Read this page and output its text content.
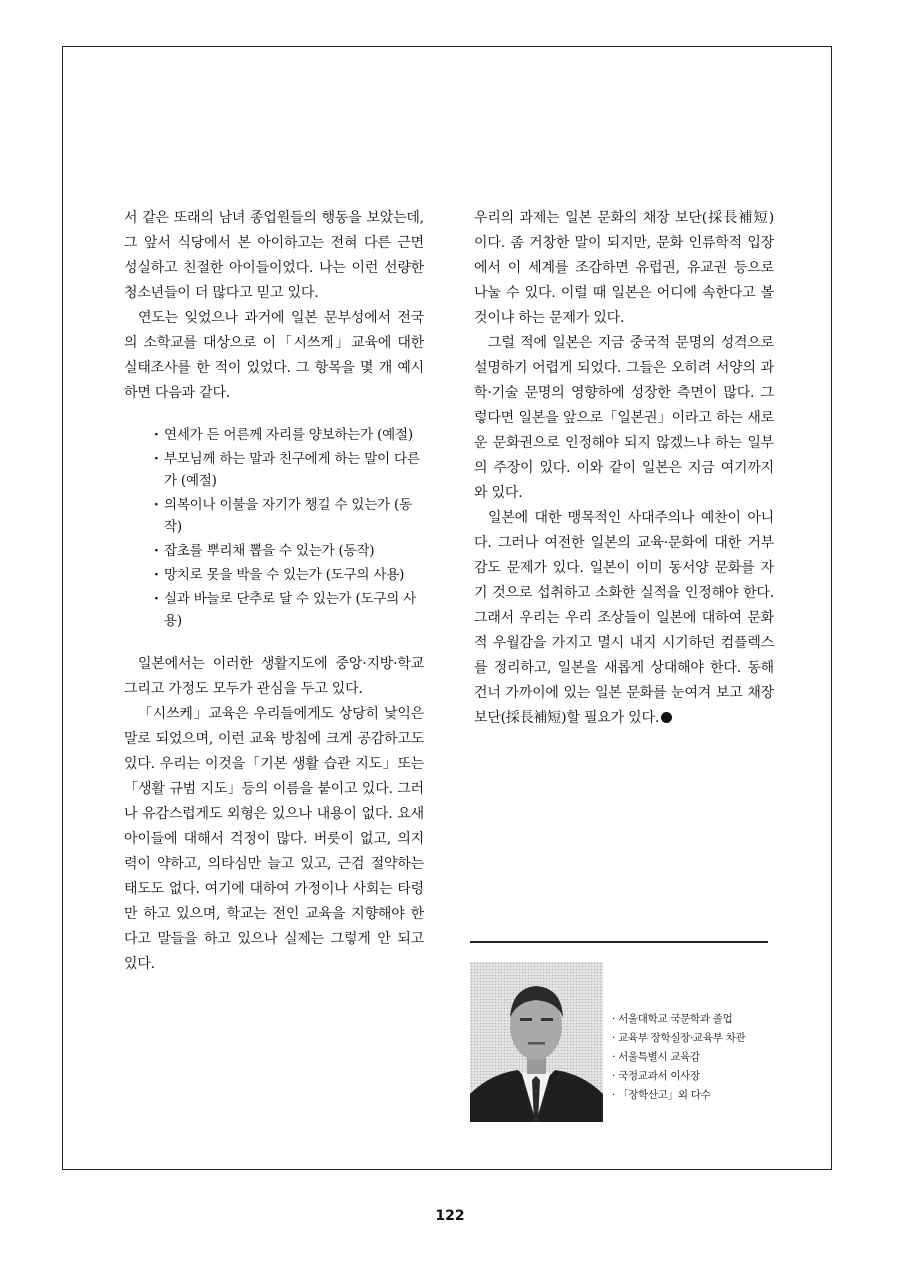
서 같은 또래의 남녀 종업원들의 행동을 보았는데, 그 앞서 식당에서 본 아이하고는 전혀 다른 근면 성실하고 친절한 아이들이었다. 나는 이런 선량한 청소년들이 더 많다고 믿고 있다.

연도는 잊었으나 과거에 일본 문부성에서 전국의 소학교를 대상으로 이「시쓰게」교육에 대한 실태조사를 한 적이 있었다. 그 항목을 몇 개 예시하면 다음과 같다.

· 연세가 든 어른께 자리를 양보하는가 (예절)
· 부모님께 하는 말과 친구에게 하는 말이 다른가 (예절)
· 의복이나 이불을 자기가 챙길 수 있는가 (동작)
· 잡초를 뿌리채 뽑을 수 있는가 (동작)
· 망치로 못을 박을 수 있는가 (도구의 사용)
· 실과 바늘로 단추로 달 수 있는가 (도구의 사용)

일본에서는 이러한 생활지도에 중앙·지방·학교 그리고 가정도 모두가 관심을 두고 있다.

「시쓰케」교육은 우리들에게도 상당히 낯익은 말로 되었으며, 이런 교육 방침에 크게 공감하고도 있다. 우리는 이것을「기본 생활 습관 지도」또는「생활 규범 지도」등의 이름을 붙이고 있다. 그러나 유감스럽게도 외형은 있으나 내용이 없다. 요새 아이들에 대해서 걱정이 많다. 버릇이 없고, 의지력이 약하고, 의타심만 늘고 있고, 근검 절약하는 태도도 없다. 여기에 대하여 가정이나 사회는 타령만 하고 있으며, 학교는 전인 교육을 지향해야 한다고 말들을 하고 있으나 실제는 그렇게 안 되고 있다.

우리의 과제는 일본 문화의 채장 보단(採長補短)이다. 좀 거창한 말이 되지만, 문화 인류학적 입장에서 이 세계를 조감하면 유럽권, 유교권 등으로 나눌 수 있다. 이럴 때 일본은 어디에 속한다고 볼 것이냐 하는 문제가 있다.

그럴 적에 일본은 지금 중국적 문명의 성격으로 설명하기 어렵게 되었다. 그들은 오히려 서양의 과학·기술 문명의 영향하에 성장한 측면이 많다. 그렇다면 일본을 앞으로「일본권」이라고 하는 새로운 문화권으로 인정해야 되지 않겠느냐 하는 일부의 주장이 있다. 이와 같이 일본은 지금 여기까지 와 있다.

일본에 대한 맹목적인 사대주의나 예찬이 아니다. 그러나 여전한 일본의 교육·문화에 대한 거부감도 문제가 있다. 일본이 이미 동서양 문화를 자기 것으로 섭취하고 소화한 실적을 인정해야 한다. 그래서 우리는 우리 조상들이 일본에 대하여 문화적 우월감을 가지고 멸시 내지 시기하던 컴플렉스를 정리하고, 일본을 새롭게 상대해야 한다. 동해 건너 가까이에 있는 일본 문화를 눈여겨 보고 채장보단(採長補短)할 필요가 있다.

· 서울대학교 국문학과 졸업
· 교육부 장학실장·교육부 차관
· 서울특별시 교육감
· 국정교과서 이사장
· 「장학산고」외 다수
122
